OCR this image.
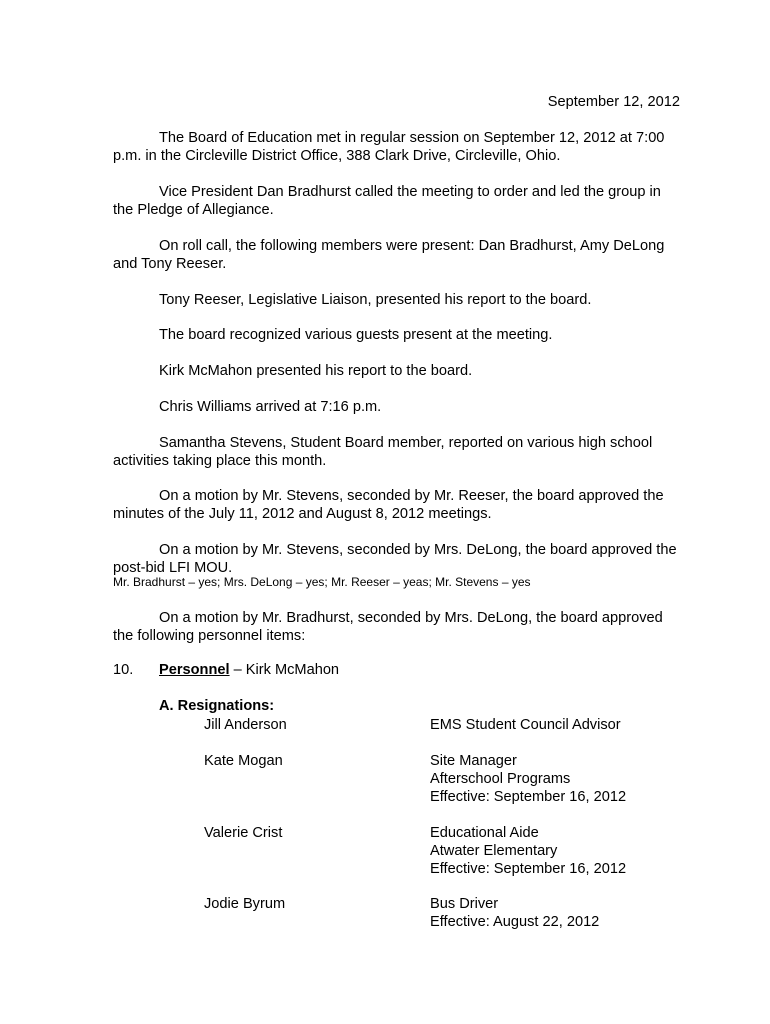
September 12, 2012
The Board of Education met in regular session on September 12, 2012 at 7:00 p.m. in the Circleville District Office, 388 Clark Drive, Circleville, Ohio.
Vice President Dan Bradhurst called the meeting to order and led the group in the Pledge of Allegiance.
On roll call, the following members were present: Dan Bradhurst, Amy DeLong and Tony Reeser.
Tony Reeser, Legislative Liaison, presented his report to the board.
The board recognized various guests present at the meeting.
Kirk McMahon presented his report to the board.
Chris Williams arrived at 7:16 p.m.
Samantha Stevens, Student Board member, reported on various high school activities taking place this month.
On a motion by Mr. Stevens, seconded by Mr. Reeser, the board approved the minutes of the July 11, 2012 and August 8, 2012 meetings.
On a motion by Mr. Stevens, seconded by Mrs. DeLong, the board approved the post-bid LFI MOU.
Mr. Bradhurst – yes; Mrs. DeLong – yes; Mr. Reeser – yeas; Mr. Stevens – yes
On a motion by Mr. Bradhurst, seconded by Mrs. DeLong, the board approved the following personnel items:
10. Personnel – Kirk McMahon
A. Resignations:
Jill Anderson	EMS Student Council Advisor
Kate Mogan	Site Manager
Afterschool Programs
Effective: September 16, 2012
Valerie Crist	Educational Aide
Atwater Elementary
Effective: September 16, 2012
Jodie Byrum	Bus Driver
Effective: August 22, 2012
